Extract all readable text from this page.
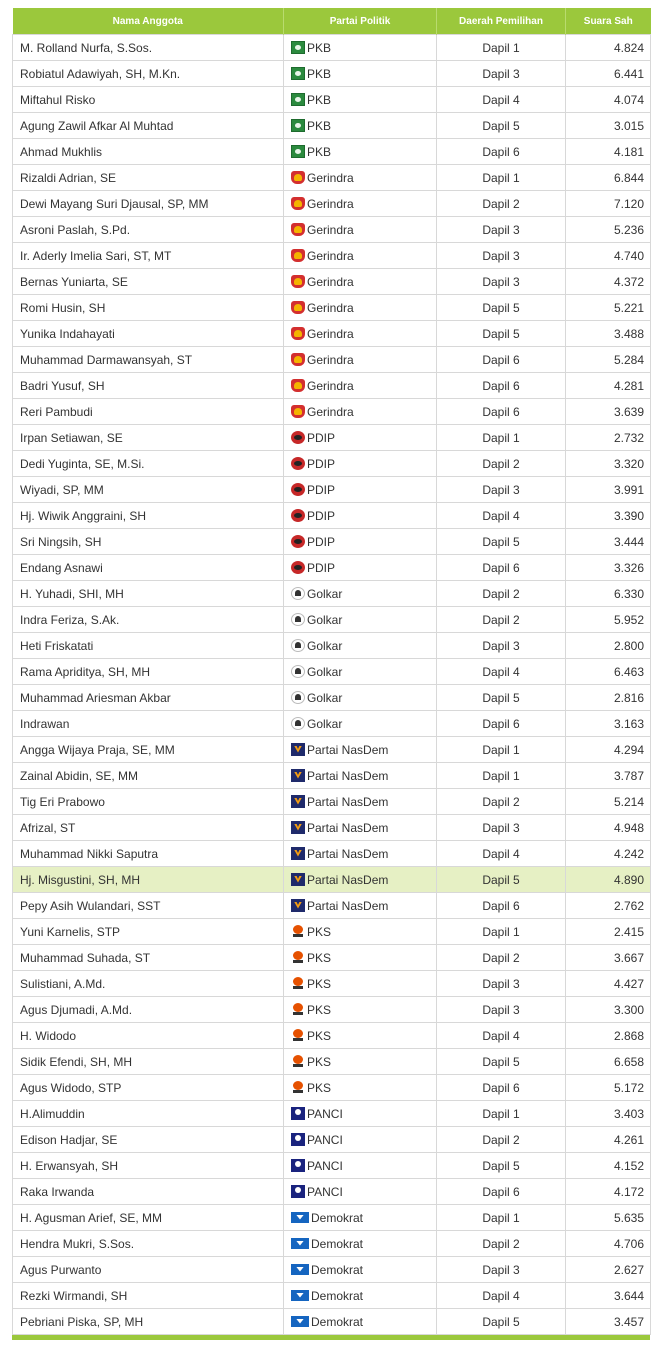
Nama Anggota	Partai Politik	Daerah Pemilihan	Suara Sah
M. Rolland Nurfa, S.Sos.	PKB	Dapil 1	4.824
Robiatul Adawiyah, SH, M.Kn.	PKB	Dapil 3	6.441
Miftahul Risko	PKB	Dapil 4	4.074
Agung Zawil Afkar Al Muhtad	PKB	Dapil 5	3.015
Ahmad Mukhlis	PKB	Dapil 6	4.181
Rizaldi Adrian, SE	Gerindra	Dapil 1	6.844
Dewi Mayang Suri Djausal, SP, MM	Gerindra	Dapil 2	7.120
Asroni Paslah, S.Pd.	Gerindra	Dapil 3	5.236
Ir. Aderly Imelia Sari, ST, MT	Gerindra	Dapil 3	4.740
Bernas Yuniarta, SE	Gerindra	Dapil 3	4.372
Romi Husin, SH	Gerindra	Dapil 5	5.221
Yunika Indahayati	Gerindra	Dapil 5	3.488
Muhammad Darmawansyah, ST	Gerindra	Dapil 6	5.284
Badri Yusuf, SH	Gerindra	Dapil 6	4.281
Reri Pambudi	Gerindra	Dapil 6	3.639
Irpan Setiawan, SE	PDIP	Dapil 1	2.732
Dedi Yuginta, SE, M.Si.	PDIP	Dapil 2	3.320
Wiyadi, SP, MM	PDIP	Dapil 3	3.991
Hj. Wiwik Anggraini, SH	PDIP	Dapil 4	3.390
Sri Ningsih, SH	PDIP	Dapil 5	3.444
Endang Asnawi	PDIP	Dapil 6	3.326
H. Yuhadi, SHI, MH	Golkar	Dapil 2	6.330
Indra Feriza, S.Ak.	Golkar	Dapil 2	5.952
Heti Friskatati	Golkar	Dapil 3	2.800
Rama Apriditya, SH, MH	Golkar	Dapil 4	6.463
Muhammad Ariesman Akbar	Golkar	Dapil 5	2.816
Indrawan	Golkar	Dapil 6	3.163
Angga Wijaya Praja, SE, MM	Partai NasDem	Dapil 1	4.294
Zainal Abidin, SE, MM	Partai NasDem	Dapil 1	3.787
Tig Eri Prabowo	Partai NasDem	Dapil 2	5.214
Afrizal, ST	Partai NasDem	Dapil 3	4.948
Muhammad Nikki Saputra	Partai NasDem	Dapil 4	4.242
Hj. Misgustini, SH, MH	Partai NasDem	Dapil 5	4.890
Pepy Asih Wulandari, SST	Partai NasDem	Dapil 6	2.762
Yuni Karnelis, STP	PKS	Dapil 1	2.415
Muhammad Suhada, ST	PKS	Dapil 2	3.667
Sulistiani, A.Md.	PKS	Dapil 3	4.427
Agus Djumadi, A.Md.	PKS	Dapil 3	3.300
H. Widodo	PKS	Dapil 4	2.868
Sidik Efendi, SH, MH	PKS	Dapil 5	6.658
Agus Widodo, STP	PKS	Dapil 6	5.172
H.Alimuddin	PANCI	Dapil 1	3.403
Edison Hadjar, SE	PANCI	Dapil 2	4.261
H. Erwansyah, SH	PANCI	Dapil 5	4.152
Raka Irwanda	PANCI	Dapil 6	4.172
H. Agusman Arief, SE, MM	Demokrat	Dapil 1	5.635
Hendra Mukri, S.Sos.	Demokrat	Dapil 2	4.706
Agus Purwanto	Demokrat	Dapil 3	2.627
Rezki Wirmandi, SH	Demokrat	Dapil 4	3.644
Pebriani Piska, SP, MH	Demokrat	Dapil 5	3.457
